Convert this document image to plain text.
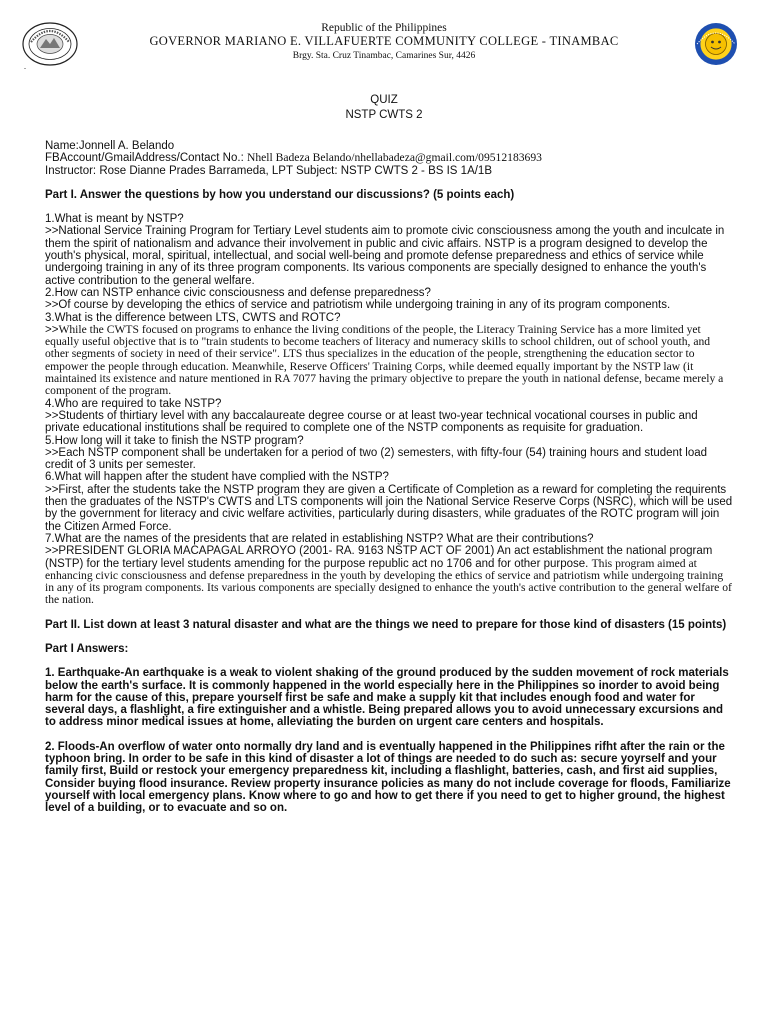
Republic of the Philippines
GOVERNOR MARIANO E. VILLAFUERTE COMMUNITY COLLEGE - TINAMBAC
Brgy. Sta. Cruz Tinambac, Camarines Sur, 4426
.
QUIZ
NSTP CWTS 2

Name:Jonnell A. Belando

FBAccount/GmailAddress/Contact No.: Nhell Badeza Belando/nhellabadeza@gmail.com/09512183693

Instructor: Rose Dianne Prades Barrameda, LPT Subject: NSTP CWTS 2 - BS IS 1A/1B

Part I. Answer the questions by how you understand our discussions? (5 points each)

1.What is meant by NSTP?

>>National Service Training Program for Tertiary Level students aim to promote civic consciousness among the youth and inculcate in them the spirit of nationalism and advance their involvement in public and civic affairs. NSTP is a program designed to develop the youth's physical, moral, spiritual, intellectual, and social well-being and promote defense preparedness and ethics of service while undergoing training in any of its three program components. Its various components are specially designed to enhance the youth's active contribution to the general welfare.

2.How can NSTP enhance civic consciousness and defense preparedness?

>>Of course by developing the ethics of service and patriotism while undergoing training in any of its program components.

3.What is the difference between LTS, CWTS and ROTC?

>>While the CWTS focused on programs to enhance the living conditions of the people, the Literacy Training Service has a more limited yet equally useful objective that is to "train students to become teachers of literacy and numeracy skills to school children, out of school youth, and other segments of society in need of their service". LTS thus specializes in the education of the people, strengthening the education sector to empower the people through education. Meanwhile, Reserve Officers' Training Corps, while deemed equally important by the NSTP law (it maintained its existence and nature mentioned in RA 7077 having the primary objective to prepare the youth in national defense, became merely a component of the program.

4.Who are required to take NSTP?

>>Students of thirtiary level with any baccalaureate degree course or at least two-year technical vocational courses in public and private educational institutions shall be required to complete one of the NSTP components as requisite for graduation.

5.How long will it take to finish the NSTP program?

>>Each NSTP component shall be undertaken for a period of two (2) semesters, with fifty-four (54) training hours and student load credit of 3 units per semester.

6.What will happen after the student have complied with the NSTP?

>>First, after the students take the NSTP program they are given a Certificate of Completion as a reward for completing the requirents then the graduates of the NSTP's CWTS and LTS components will join the National Service Reserve Corps (NSRC), which will be used by the government for literacy and civic welfare activities, particularly during disasters, while graduates of the ROTC program will join the Citizen Armed Force.

7.What are the names of the presidents that are related in establishing NSTP? What are their contributions?

>>PRESIDENT GLORIA MACAPAGAL ARROYO (2001- RA. 9163 NSTP ACT OF 2001) An act establishment the national program (NSTP) for the tertiary level students amending for the purpose republic act no 1706 and for other purpose. This program aimed at enhancing civic consciousness and defense preparedness in the youth by developing the ethics of service and patriotism while undergoing training in any of its program components. Its various components are specially designed to enhance the youth's active contribution to the general welfare of the nation.

Part II. List down at least 3 natural disaster and what are the things we need to prepare for those kind of disasters (15 points)

Part I Answers:

1. Earthquake-An earthquake is a weak to violent shaking of the ground produced by the sudden movement of rock materials below the earth's surface. It is commonly happened in the world especially here in the Philippines so inorder to avoid being harm for the cause of this, prepare yourself first be safe and make a supply kit that includes enough food and water for several days, a flashlight, a fire extinguisher and a whistle. Being prepared allows you to avoid unnecessary excursions and to address minor medical issues at home, alleviating the burden on urgent care centers and hospitals.

2. Floods-An overflow of water onto normally dry land and is eventually happened in the Philippines rifht after the rain or the typhoon bring. In order to be safe in this kind of disaster a lot of things are needed to do such as: secure yoyrself and your family first, Build or restock your emergency preparedness kit, including a flashlight, batteries, cash, and first aid supplies, Consider buying flood insurance. Review property insurance policies as many do not include coverage for floods, Familiarize yourself with local emergency plans. Know where to go and how to get there if you need to get to higher ground, the highest level of a building, or to evacuate and so on.
